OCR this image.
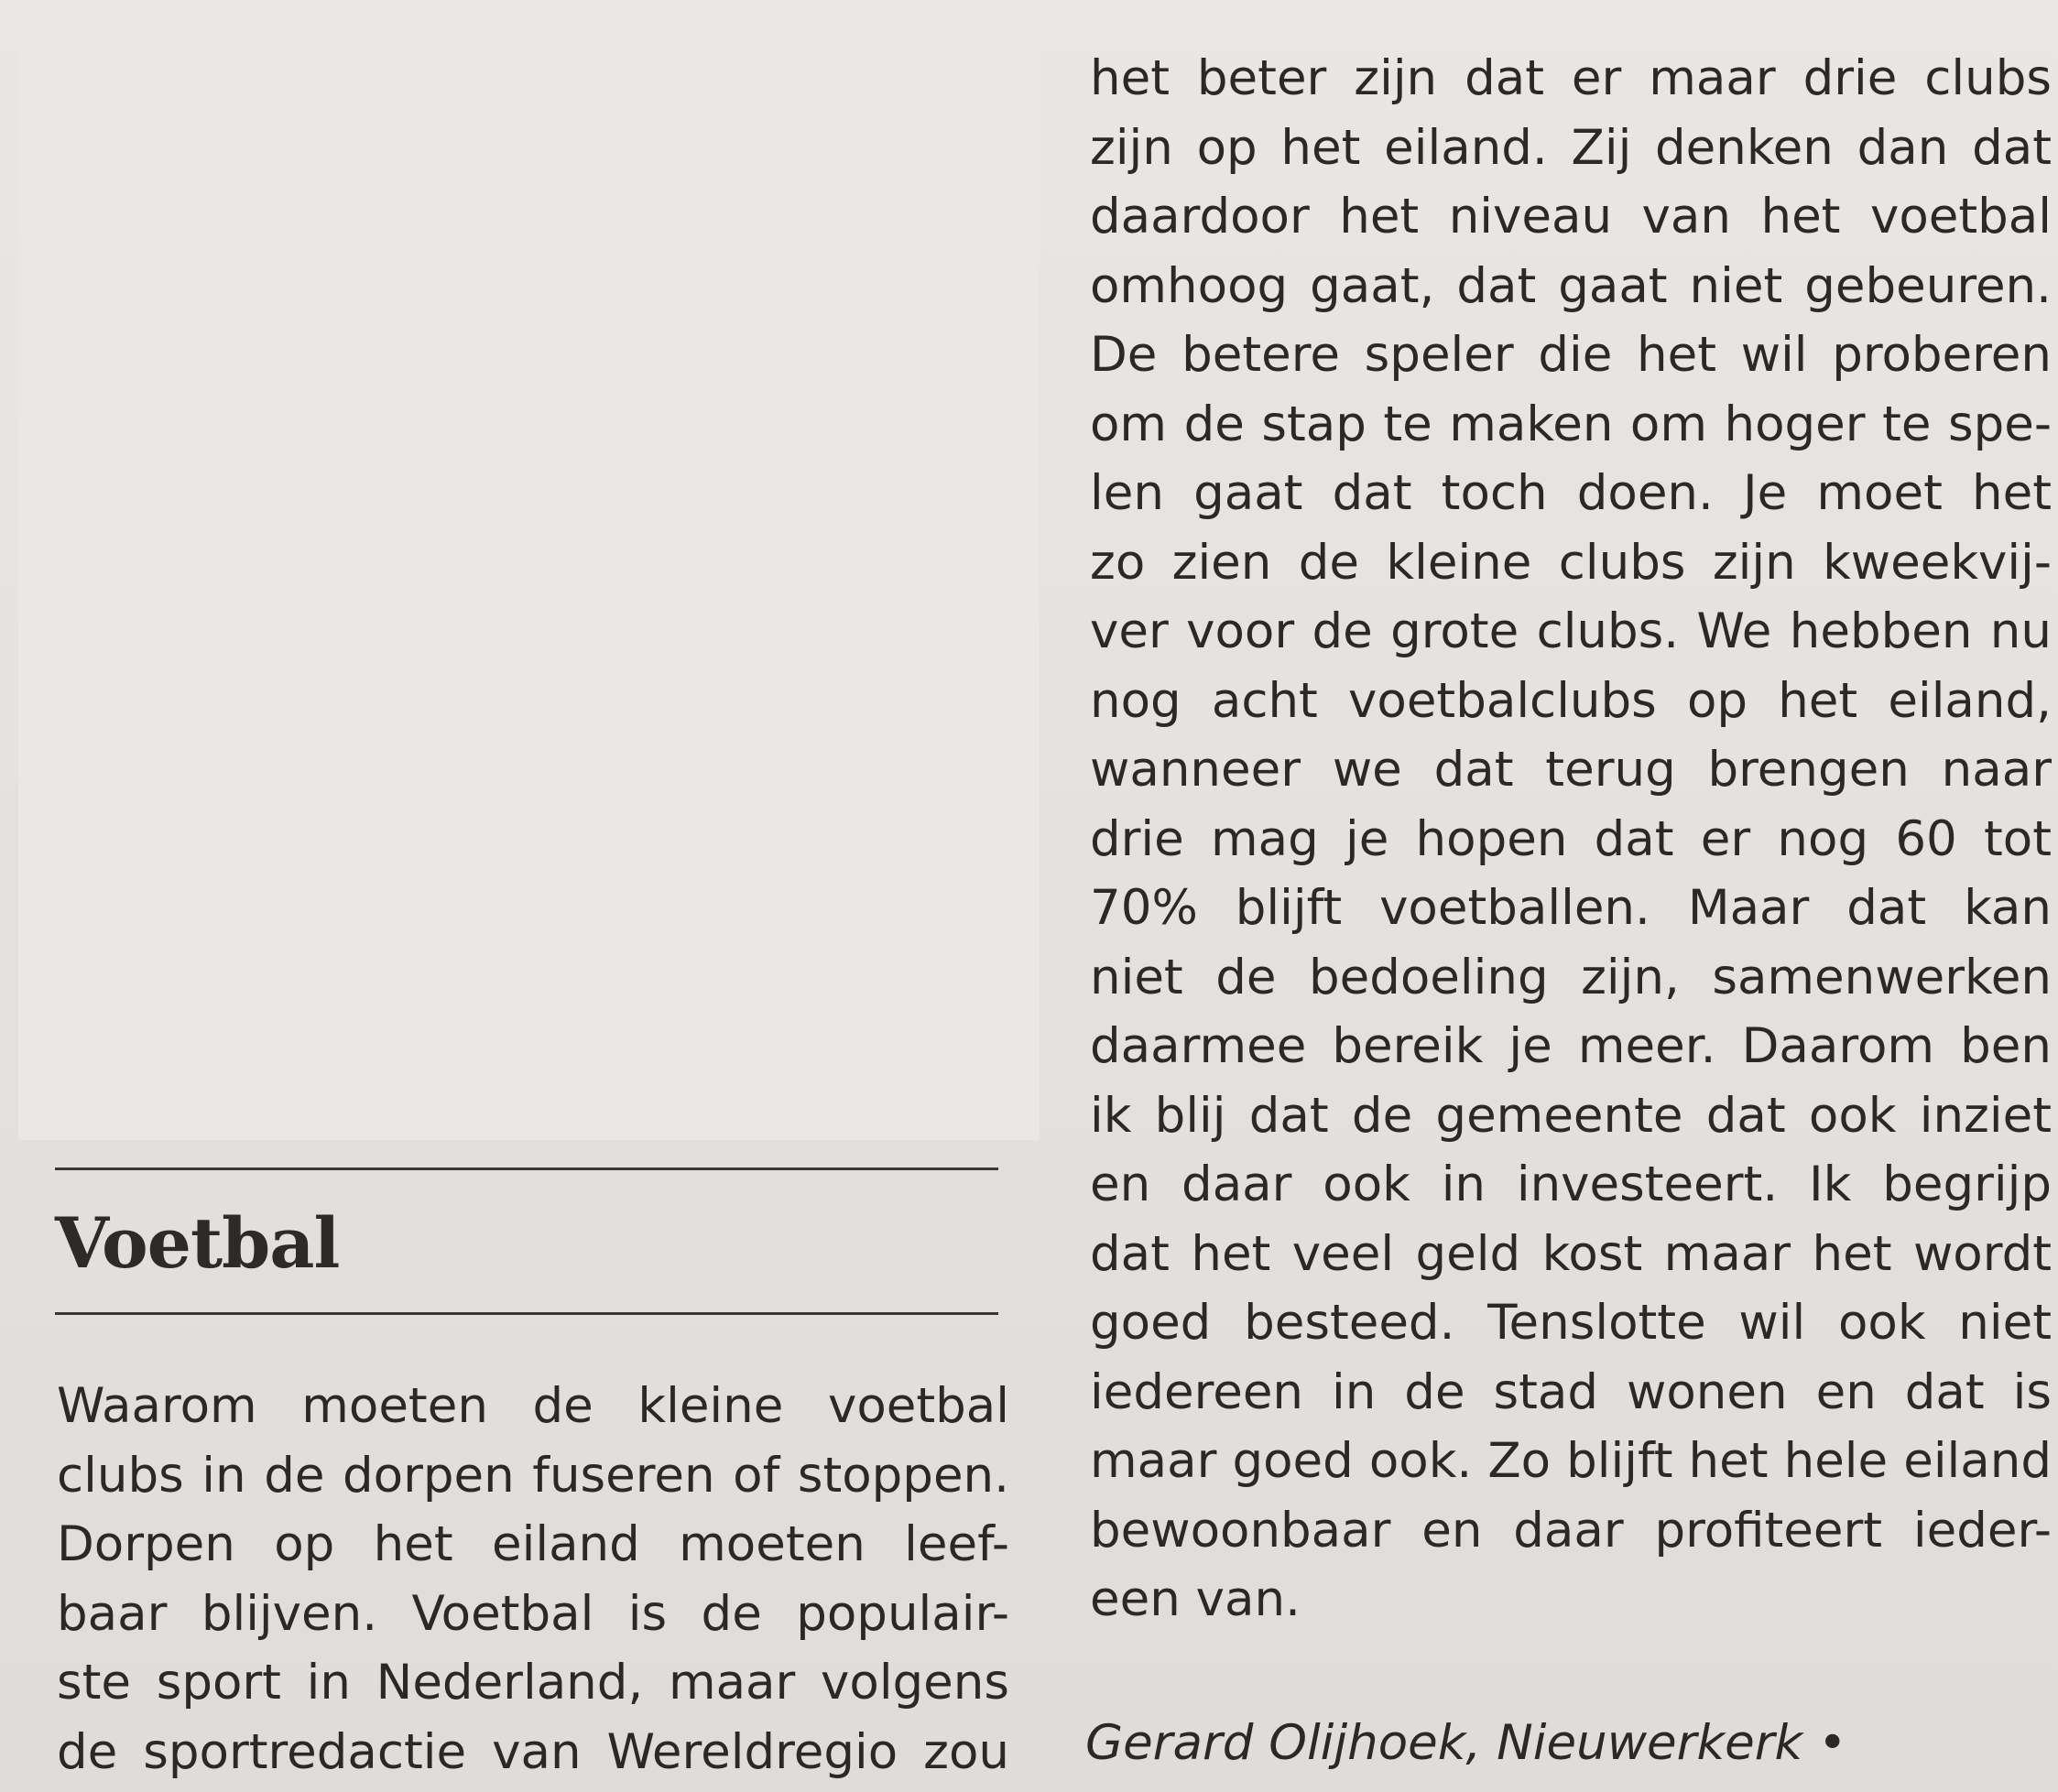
Voetbal
Waarom moeten de kleine voetbal
clubs in de dorpen fuseren of stoppen.
Dorpen op het eiland moeten leef-
baar blijven. Voetbal is de populair-
ste sport in Nederland, maar volgens
de sportredactie van Wereldregio zou
het beter zijn dat er maar drie clubs
zijn op het eiland. Zij denken dan dat
daardoor het niveau van het voetbal
omhoog gaat, dat gaat niet gebeuren.
De betere speler die het wil proberen
om de stap te maken om hoger te spe-
len gaat dat toch doen. Je moet het
zo zien de kleine clubs zijn kweekvij-
ver voor de grote clubs. We hebben nu
nog acht voetbalclubs op het eiland,
wanneer we dat terug brengen naar
drie mag je hopen dat er nog 60 tot
70% blijft voetballen. Maar dat kan
niet de bedoeling zijn, samenwerken
daarmee bereik je meer. Daarom ben
ik blij dat de gemeente dat ook inziet
en daar ook in investeert. Ik begrijp
dat het veel geld kost maar het wordt
goed besteed. Tenslotte wil ook niet
iedereen in de stad wonen en dat is
maar goed ook. Zo blijft het hele eiland
bewoonbaar en daar profiteert ieder-
een van.
Gerard Olijhoek, Nieuwerkerk •
